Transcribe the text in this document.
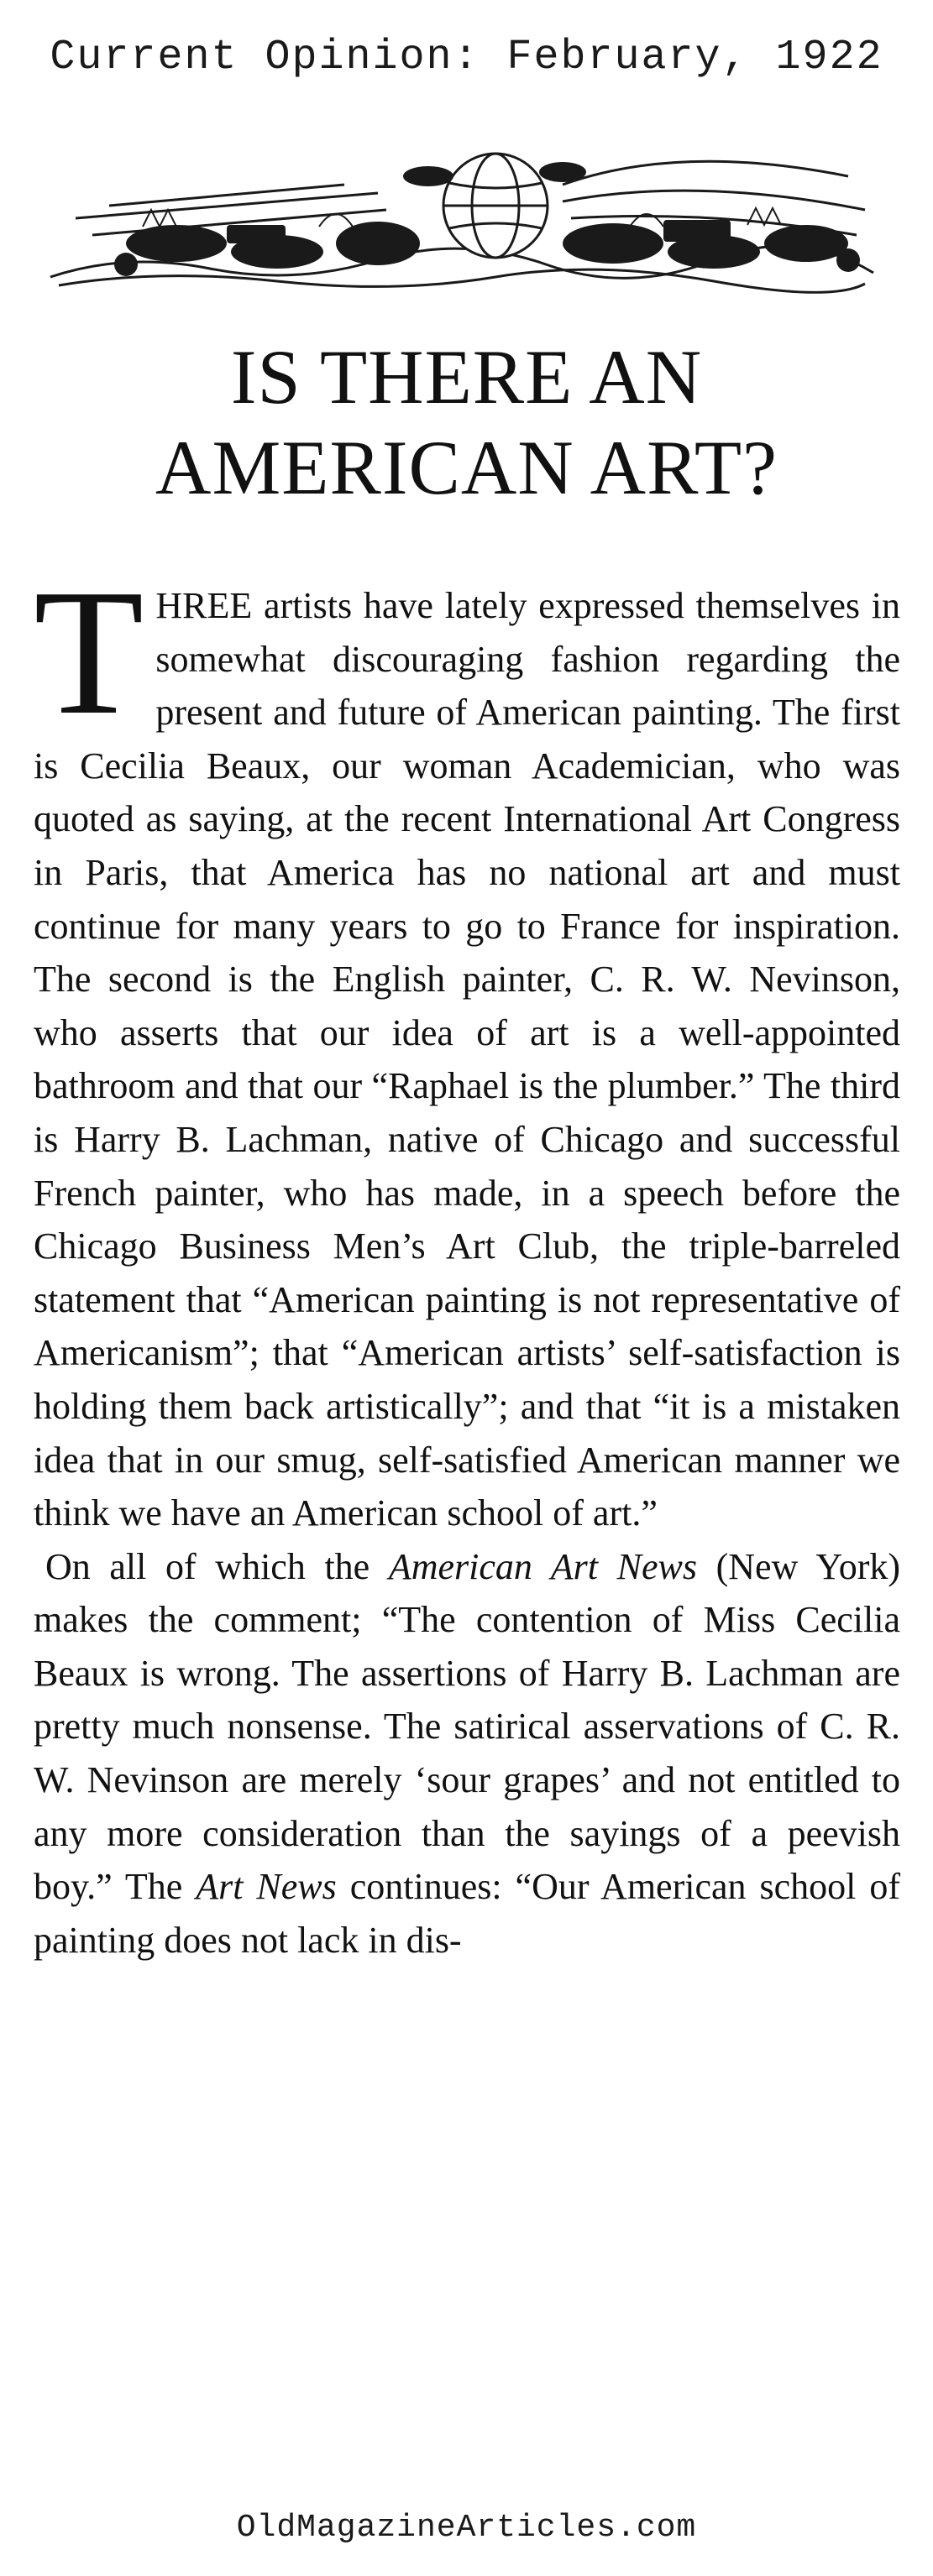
Current Opinion: February, 1922
IS THERE AN
AMERICAN ART?

THREE artists have lately expressed themselves in somewhat discouraging fashion regarding the present and future of American painting. The first is Cecilia Beaux, our woman Academician, who was quoted as saying, at the recent International Art Congress in Paris, that America has no national art and must continue for many years to go to France for inspiration. The second is the English painter, C. R. W. Nevinson, who asserts that our idea of art is a well-appointed bathroom and that our “Raphael is the plumber.” The third is Harry B. Lachman, native of Chicago and successful French painter, who has made, in a speech before the Chicago Business Men’s Art Club, the triple-barreled statement that “American painting is not representative of Americanism”; that “American artists’ self-satisfaction is holding them back artistically”; and that “it is a mistaken idea that in our smug, self-satisfied American manner we think we have an American school of art.”

On all of which the American Art News (New York) makes the comment; “The contention of Miss Cecilia Beaux is wrong. The assertions of Harry B. Lachman are pretty much nonsense. The satirical asservations of C. R. W. Nevinson are merely ‘sour grapes’ and not entitled to any more consideration than the sayings of a peevish boy.” The Art News continues: “Our American school of painting does not lack in dis-

OldMagazineArticles.com
